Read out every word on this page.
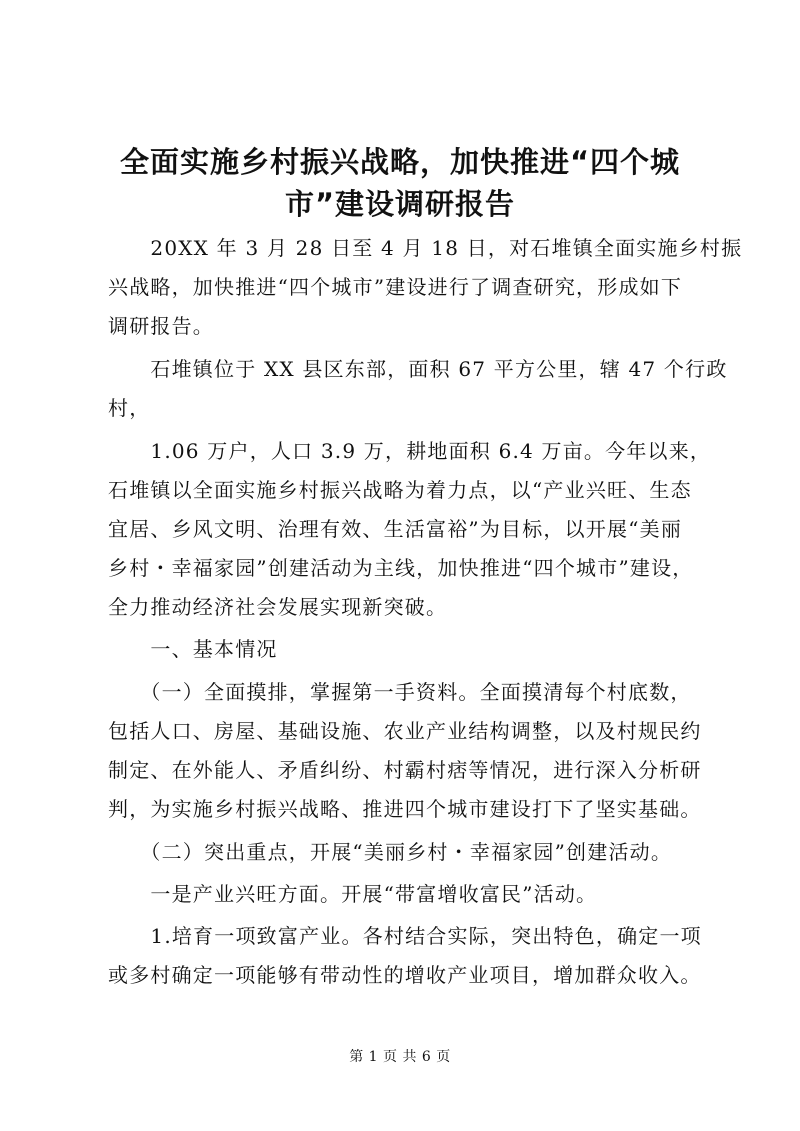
全面实施乡村振兴战略，加快推进“四个城
市”建设调研报告
　　20XX 年 3 月 28 日至 4 月 18 日，对石堆镇全面实施乡村振
兴战略，加快推进“四个城市”建设进行了调查研究，形成如下
调研报告。
　　石堆镇位于 XX 县区东部，面积 67 平方公里，辖 47 个行政
村，
　　1.06 万户，人口 3.9 万，耕地面积 6.4 万亩。今年以来，
石堆镇以全面实施乡村振兴战略为着力点，以“产业兴旺、生态
宜居、乡风文明、治理有效、生活富裕”为目标，以开展“美丽
乡村・幸福家园”创建活动为主线，加快推进“四个城市”建设，
全力推动经济社会发展实现新突破。
　　一、基本情况
　　（一）全面摸排，掌握第一手资料。全面摸清每个村底数，
包括人口、房屋、基础设施、农业产业结构调整，以及村规民约
制定、在外能人、矛盾纠纷、村霸村痞等情况，进行深入分析研
判，为实施乡村振兴战略、推进四个城市建设打下了坚实基础。
　　（二）突出重点，开展“美丽乡村・幸福家园”创建活动。
　　一是产业兴旺方面。开展“带富增收富民”活动。
　　1.培育一项致富产业。各村结合实际，突出特色，确定一项
或多村确定一项能够有带动性的增收产业项目，增加群众收入。
第 1 页 共 6 页
